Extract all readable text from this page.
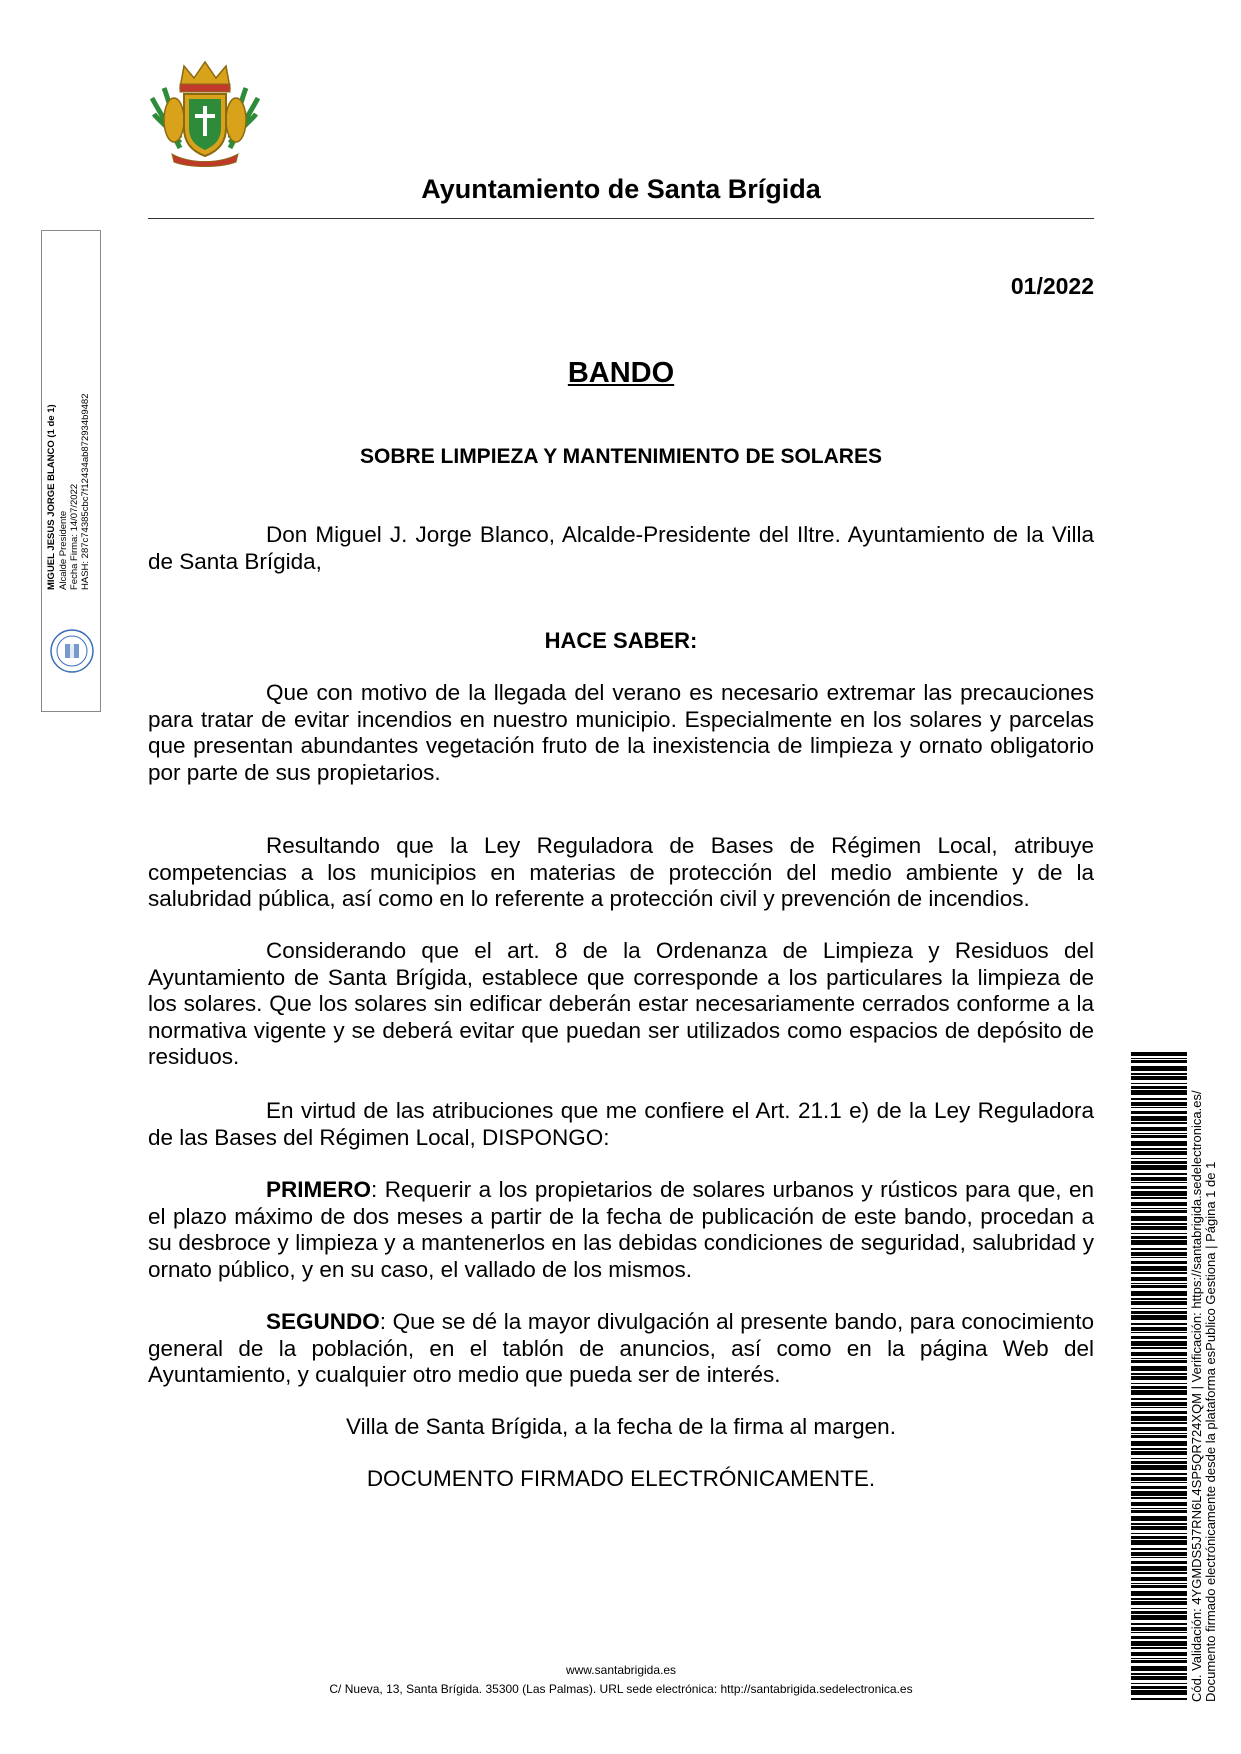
Ayuntamiento de Santa Brígida
MIGUEL JESUS JORGE BLANCO (1 de 1) Alcalde Presidente Fecha Firma: 14/07/2022 HASH: 287c74385cbc7f12434ab872934b9482
Cód. Validación: 4YGMDS5J7RN6L4SP5QR724XQM | Verificación: https://santabrigida.sedelectronica.es/ Documento firmado electrónicamente desde la plataforma esPublico Gestiona | Página 1 de 1
01/2022
BANDO
SOBRE LIMPIEZA Y MANTENIMIENTO DE SOLARES

Don Miguel J. Jorge Blanco, Alcalde-Presidente del Iltre. Ayuntamiento de la Villa de Santa Brígida,

HACE SABER:

Que con motivo de la llegada del verano es necesario extremar las precauciones para tratar de evitar incendios en nuestro municipio. Especialmente en los solares y parcelas que presentan abundantes vegetación fruto de la inexistencia de limpieza y ornato obligatorio por parte de sus propietarios.

Resultando que la Ley Reguladora de Bases de Régimen Local, atribuye competencias a los municipios en materias de protección del medio ambiente y de la salubridad pública, así como en lo referente a protección civil y prevención de incendios.

Considerando que el art. 8 de la Ordenanza de Limpieza y Residuos del Ayuntamiento de Santa Brígida, establece que corresponde a los particulares la limpieza de los solares. Que los solares sin edificar deberán estar necesariamente cerrados conforme a la normativa vigente y se deberá evitar que puedan ser utilizados como espacios de depósito de residuos.

En virtud de las atribuciones que me confiere el Art. 21.1 e) de la Ley Reguladora de las Bases del Régimen Local, DISPONGO:

PRIMERO: Requerir a los propietarios de solares urbanos y rústicos para que, en el plazo máximo de dos meses a partir de la fecha de publicación de este bando, procedan a su desbroce y limpieza y a mantenerlos en las debidas condiciones de seguridad, salubridad y ornato público, y en su caso, el vallado de los mismos.

SEGUNDO: Que se dé la mayor divulgación al presente bando, para conocimiento general de la población, en el tablón de anuncios, así como en la página Web del Ayuntamiento, y cualquier otro medio que pueda ser de interés.

Villa de Santa Brígida, a la fecha de la firma al margen.
DOCUMENTO FIRMADO ELECTRÓNICAMENTE.
www.santabrigida.es
C/ Nueva, 13, Santa Brígida. 35300 (Las Palmas). URL sede electrónica: http://santabrigida.sedelectronica.es
